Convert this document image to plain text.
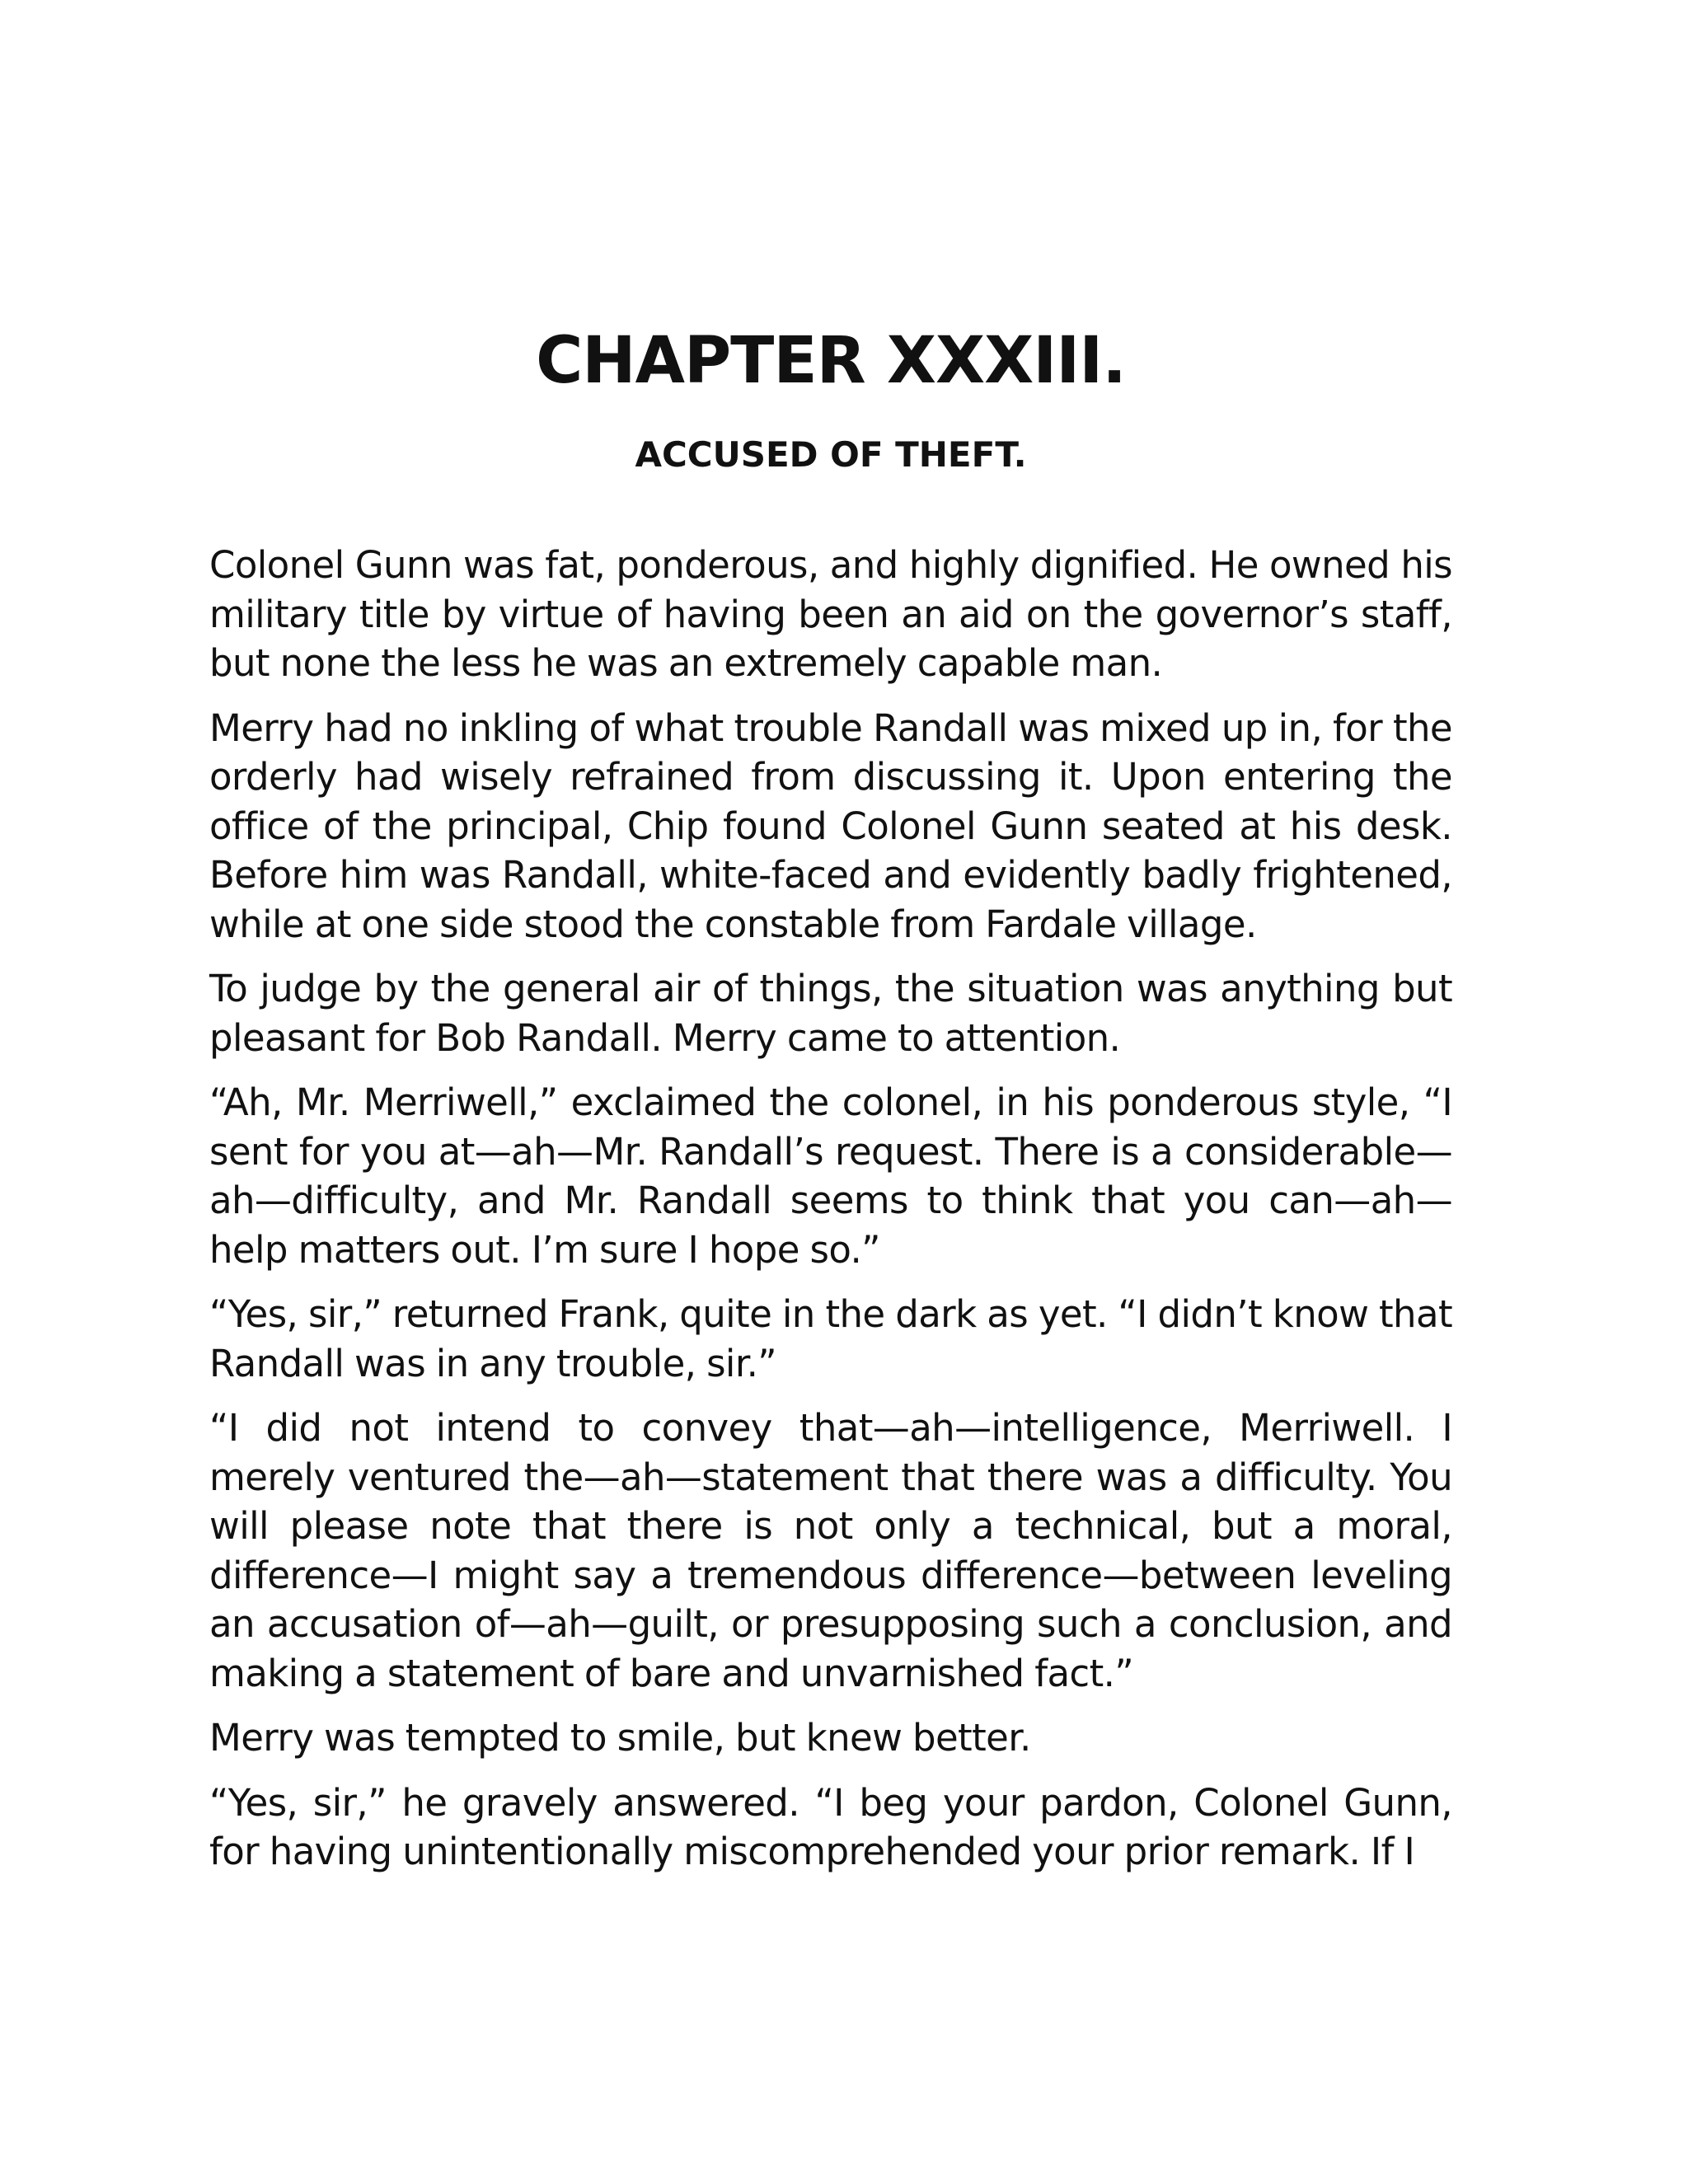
CHAPTER XXXIII.
ACCUSED OF THEFT.

Colonel Gunn was fat, ponderous, and highly dignified. He owned his military title by virtue of having been an aid on the governor’s staff, but none the less he was an extremely capable man.

Merry had no inkling of what trouble Randall was mixed up in, for the orderly had wisely refrained from discussing it. Upon entering the office of the principal, Chip found Colonel Gunn seated at his desk. Before him was Randall, white-faced and evidently badly frightened, while at one side stood the constable from Fardale village.

To judge by the general air of things, the situation was anything but pleasant for Bob Randall. Merry came to attention.

“Ah, Mr. Merriwell,” exclaimed the colonel, in his ponderous style, “I sent for you at—ah—Mr. Randall’s request. There is a considerable—ah—difficulty, and Mr. Randall seems to think that you can—ah—help matters out. I’m sure I hope so.”

“Yes, sir,” returned Frank, quite in the dark as yet. “I didn’t know that Randall was in any trouble, sir.”

“I did not intend to convey that—ah—intelligence, Merriwell. I merely ventured the—ah—statement that there was a difficulty. You will please note that there is not only a technical, but a moral, difference—I might say a tremendous difference—between leveling an accusation of—ah—guilt, or presupposing such a conclusion, and making a statement of bare and unvarnished fact.”

Merry was tempted to smile, but knew better.

“Yes, sir,” he gravely answered. “I beg your pardon, Colonel Gunn, for having unintentionally miscomprehended your prior remark. If I
